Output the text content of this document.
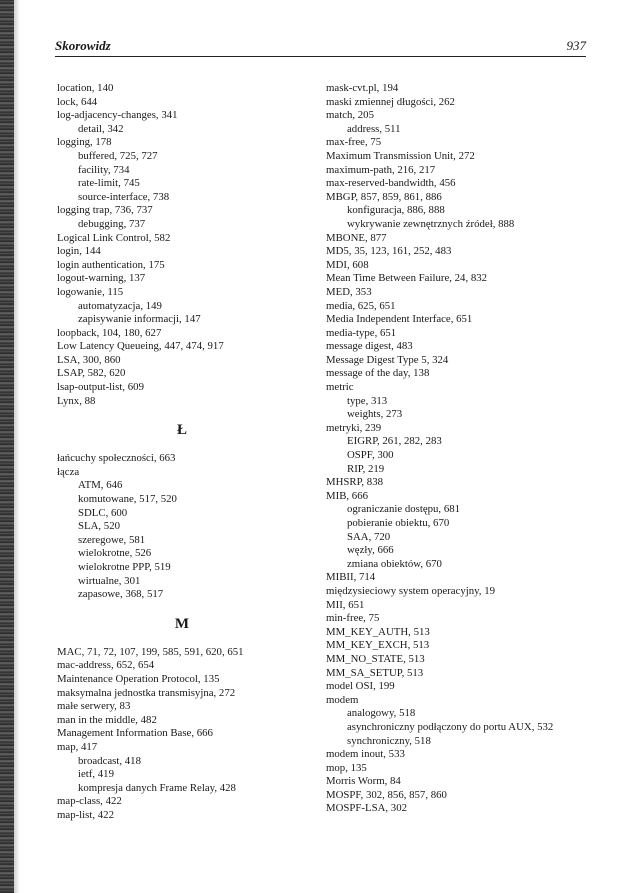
Skorowidz	937
location, 140
lock, 644
log-adjacency-changes, 341
detail, 342
logging, 178
buffered, 725, 727
facility, 734
rate-limit, 745
source-interface, 738
logging trap, 736, 737
debugging, 737
Logical Link Control, 582
login, 144
login authentication, 175
logout-warning, 137
logowanie, 115
automatyzacja, 149
zapisywanie informacji, 147
loopback, 104, 180, 627
Low Latency Queueing, 447, 474, 917
LSA, 300, 860
LSAP, 582, 620
lsap-output-list, 609
Lynx, 88
Ł
łańcuchy społeczności, 663
łącza
ATM, 646
komutowane, 517, 520
SDLC, 600
SLA, 520
szeregowe, 581
wielokrotne, 526
wielokrotne PPP, 519
wirtualne, 301
zapasowe, 368, 517
M
MAC, 71, 72, 107, 199, 585, 591, 620, 651
mac-address, 652, 654
Maintenance Operation Protocol, 135
maksymalna jednostka transmisyjna, 272
małe serwery, 83
man in the middle, 482
Management Information Base, 666
map, 417
broadcast, 418
ietf, 419
kompresja danych Frame Relay, 428
map-class, 422
map-list, 422
mask-cvt.pl, 194
maski zmiennej długości, 262
match, 205
address, 511
max-free, 75
Maximum Transmission Unit, 272
maximum-path, 216, 217
max-reserved-bandwidth, 456
MBGP, 857, 859, 861, 886
konfiguracja, 886, 888
wykrywanie zewnętrznych źródeł, 888
MBONE, 877
MD5, 35, 123, 161, 252, 483
MDI, 608
Mean Time Between Failure, 24, 832
MED, 353
media, 625, 651
Media Independent Interface, 651
media-type, 651
message digest, 483
Message Digest Type 5, 324
message of the day, 138
metric
type, 313
weights, 273
metryki, 239
EIGRP, 261, 282, 283
OSPF, 300
RIP, 219
MHSRP, 838
MIB, 666
ograniczanie dostępu, 681
pobieranie obiektu, 670
SAA, 720
węzły, 666
zmiana obiektów, 670
MIBII, 714
międzysieciowy system operacyjny, 19
MII, 651
min-free, 75
MM_KEY_AUTH, 513
MM_KEY_EXCH, 513
MM_NO_STATE, 513
MM_SA_SETUP, 513
model OSI, 199
modem
analogowy, 518
asynchroniczny podłączony do portu AUX, 532
synchroniczny, 518
modem inout, 533
mop, 135
Morris Worm, 84
MOSPF, 302, 856, 857, 860
MOSPF-LSA, 302
